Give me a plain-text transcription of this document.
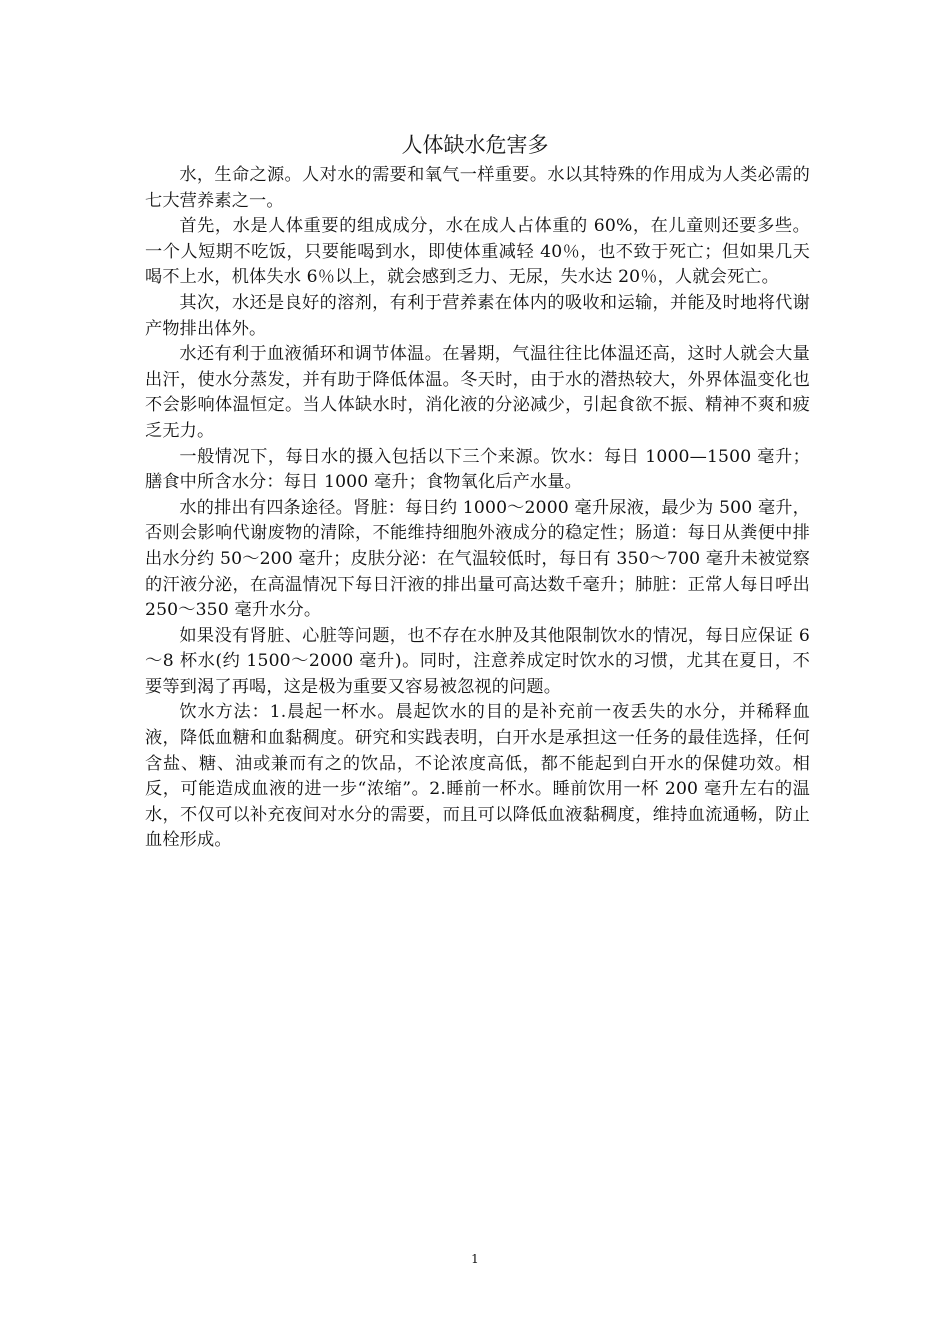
人体缺水危害多

水，生命之源。人对水的需要和氧气一样重要。水以其特殊的作用成为人类必需的七大营养素之一。

首先，水是人体重要的组成成分，水在成人占体重的 60%，在儿童则还要多些。一个人短期不吃饭，只要能喝到水，即使体重减轻 40％，也不致于死亡；但如果几天喝不上水，机体失水 6％以上，就会感到乏力、无尿，失水达 20％，人就会死亡。

其次，水还是良好的溶剂，有利于营养素在体内的吸收和运输，并能及时地将代谢产物排出体外。

水还有利于血液循环和调节体温。在暑期，气温往往比体温还高，这时人就会大量出汗，使水分蒸发，并有助于降低体温。冬天时，由于水的潜热较大，外界体温变化也不会影响体温恒定。当人体缺水时，消化液的分泌减少，引起食欲不振、精神不爽和疲乏无力。

一般情况下，每日水的摄入包括以下三个来源。饮水：每日 1000—1500 毫升；膳食中所含水分：每日 1000 毫升；食物氧化后产水量。

水的排出有四条途径。肾脏：每日约 1000～2000 毫升尿液，最少为 500 毫升，否则会影响代谢废物的清除，不能维持细胞外液成分的稳定性；肠道：每日从粪便中排出水分约 50～200 毫升；皮肤分泌：在气温较低时，每日有 350～700 毫升未被觉察的汗液分泌，在高温情况下每日汗液的排出量可高达数千毫升；肺脏：正常人每日呼出250～350 毫升水分。

如果没有肾脏、心脏等问题，也不存在水肿及其他限制饮水的情况，每日应保证 6～8 杯水(约 1500～2000 毫升)。同时，注意养成定时饮水的习惯，尤其在夏日，不要等到渴了再喝，这是极为重要又容易被忽视的问题。

饮水方法：1.晨起一杯水。晨起饮水的目的是补充前一夜丢失的水分，并稀释血液，降低血糖和血黏稠度。研究和实践表明，白开水是承担这一任务的最佳选择，任何含盐、糖、油或兼而有之的饮品，不论浓度高低，都不能起到白开水的保健功效。相反，可能造成血液的进一步“浓缩”。2.睡前一杯水。睡前饮用一杯 200 毫升左右的温水，不仅可以补充夜间对水分的需要，而且可以降低血液黏稠度，维持血流通畅，防止血栓形成。

1
